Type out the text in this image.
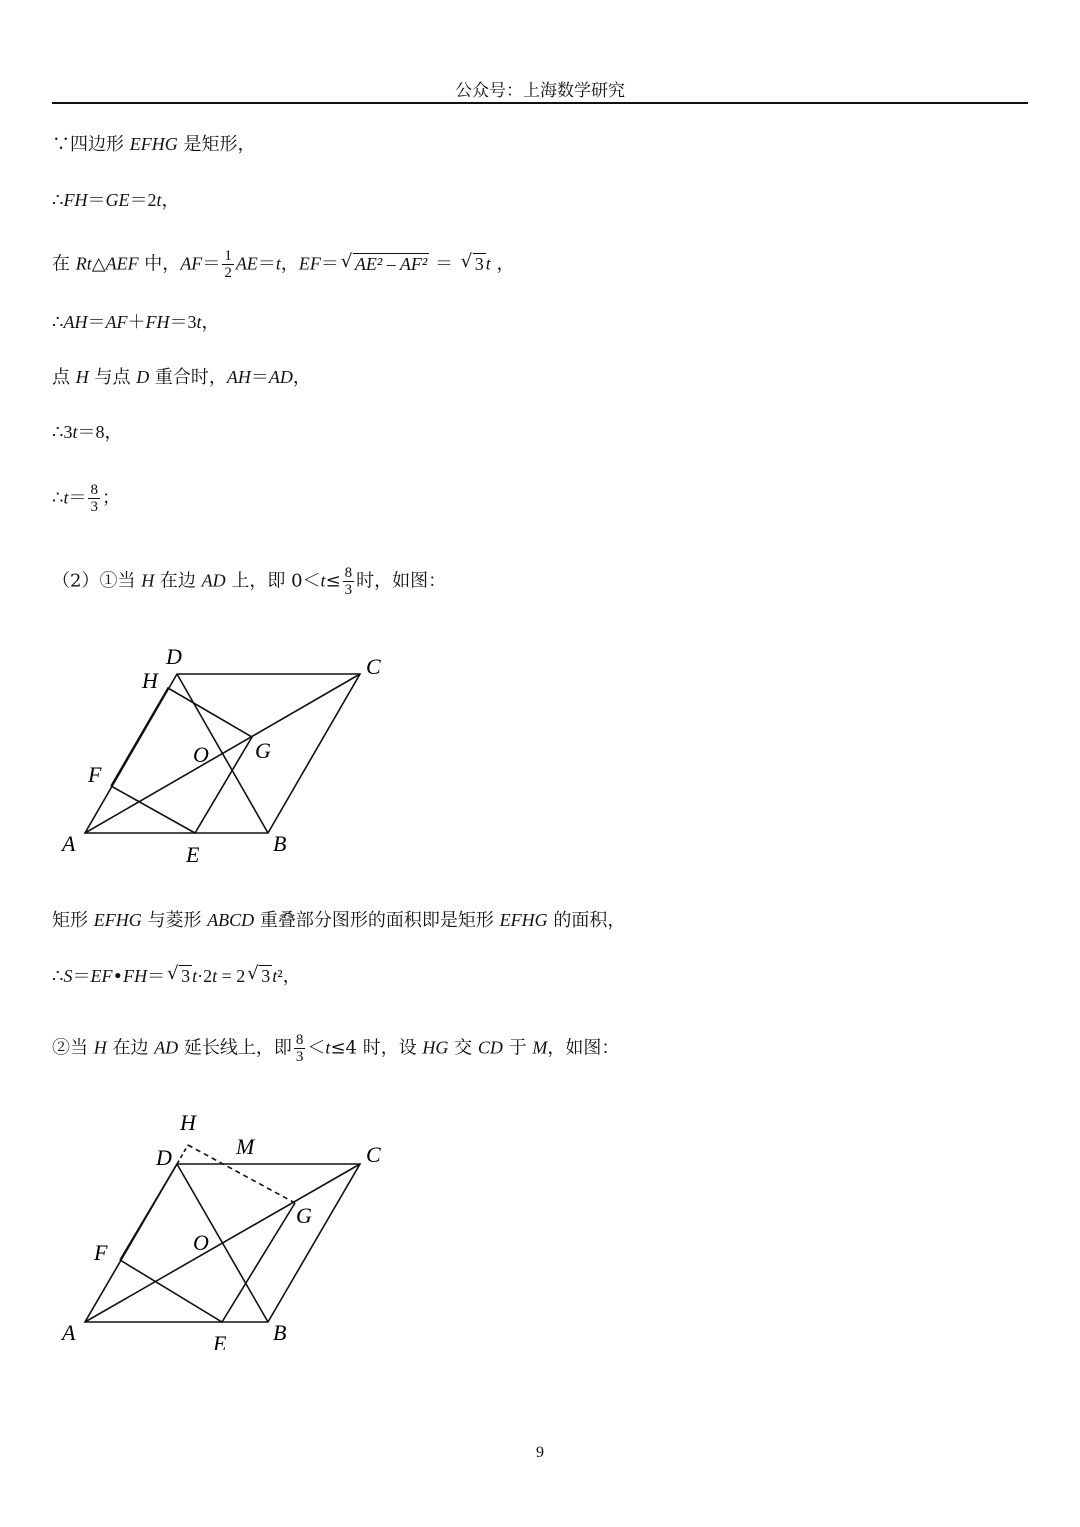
公众号：上海数学研究
∵四边形 EFHG 是矩形，
∴FH＝GE＝2t，
在 Rt△AEF 中，$AF= \frac{1}{2} AE=t$，EF＝ √ AE² – AF² ＝ √ 3 t ，
∴AH＝AF＋FH＝3t，
点 H 与点 D 重合时，AH＝AD，
∴3t＝8，
∴t＝ $\frac{8}{3}$ ；
（2）①当 H 在边 AD 上，即 $0<t\le \frac{8}{3}$ 时，如图：
D	C
H
G
O
F
A	E	B
矩形 EFHG 与菱形 ABCD 重叠部分图形的面积即是矩形 EFHG 的面积，
∴S＝EF•FH＝ √ 3 t·2t = 2 √ 3 t²，
②当 H 在边 AD 延长线上，即 $\frac{8}{3} <t\le 4$ 时，设 HG 交 CD 于 M，如图：
H
M
D	C
G
O
F
A	E B
9
